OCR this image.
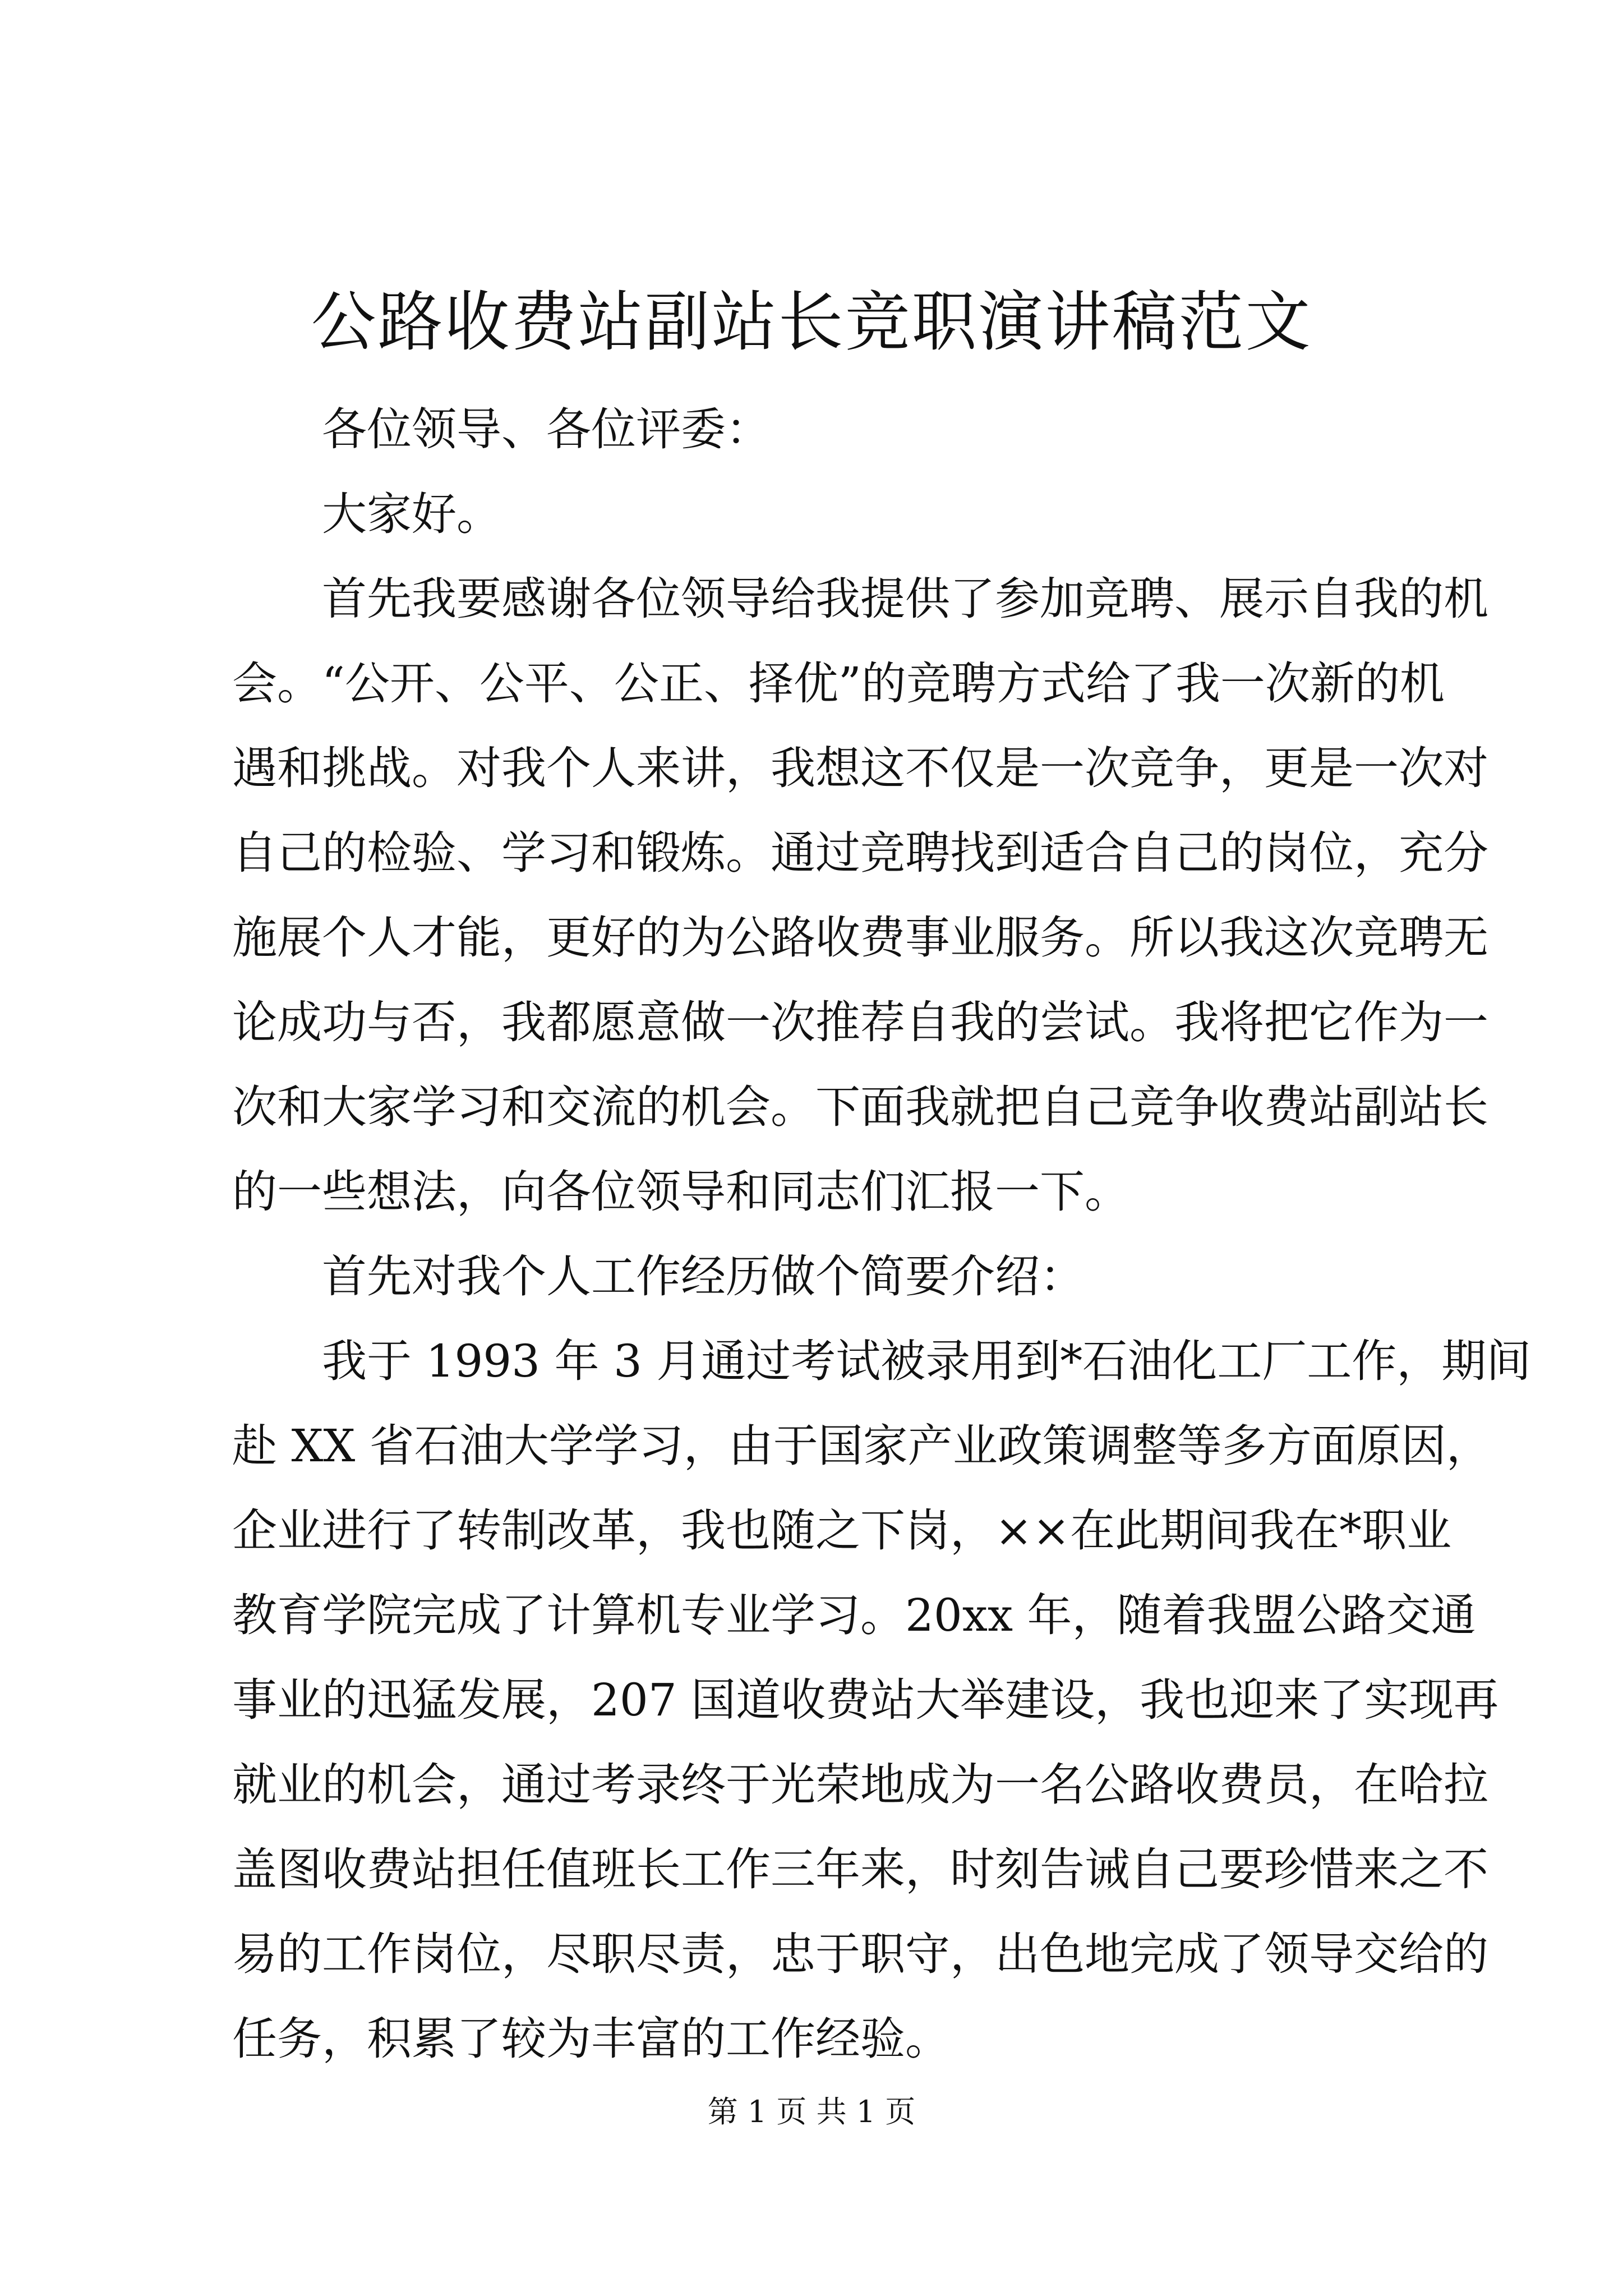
公路收费站副站长竞职演讲稿范文
各位领导、各位评委：
大家好。
首 先 我 要 感 谢 各 位 领 导 给 我 提 供 了 参 加 竞 聘 、 展 示 自 我 的 机
会 。 “ 公 开 、 公 平 、 公 正 、 择 优 ” 的 竞 聘 方 式 给 了 我 一 次 新 的 机
遇 和 挑 战 。 对 我 个 人 来 讲 ， 我 想 这 不 仅 是 一 次 竞 争 ， 更 是 一 次 对
自 己 的 检 验 、 学 习 和 锻 炼 。 通 过 竞 聘 找 到 适 合 自 己 的 岗 位 ， 充 分
施 展 个 人 才 能 ， 更 好 的 为 公 路 收 费 事 业 服 务 。 所 以 我 这 次 竞 聘 无
论 成 功 与 否 ， 我 都 愿 意 做 一 次 推 荐 自 我 的 尝 试 。 我 将 把 它 作 为 一
次 和 大 家 学 习 和 交 流 的 机 会 。 下 面 我 就 把 自 己 竞 争 收 费 站 副 站 长
的一些想法，向各位领导和同志们汇报一下。
首先对我个人工作经历做个简要介绍：
我 于
1 9 9 3
年
3
月 通 过 考 试 被 录 用 到 * 石 油 化 工 厂 工 作 ， 期 间
赴
X X
省 石 油 大 学 学 习 ， 由 于 国 家 产 业 政 策 调 整 等 多 方 面 原 因 ，
企 业 进 行 了 转 制 改 革 ， 我 也 随 之 下 岗 ， × × 在 此 期 间 我 在 * 职 业
教 育 学 院 完 成 了 计 算 机 专 业 学 习 。 2 0 x x
年 ， 随 着 我 盟 公 路 交 通
事 业 的 迅 猛 发 展 ， 2 0 7
国 道 收 费 站 大 举 建 设 ， 我 也 迎 来 了 实 现 再
就 业 的 机 会 ， 通 过 考 录 终 于 光 荣 地 成 为 一 名 公 路 收 费 员 ， 在 哈 拉
盖 图 收 费 站 担 任 值 班 长 工 作 三 年 来 ， 时 刻 告 诫 自 己 要 珍 惜 来 之 不
易 的 工 作 岗 位 ， 尽 职 尽 责 ， 忠 于 职 守 ， 出 色 地 完 成 了 领 导 交 给 的
任务，积累了较为丰富的工作经验。
第 1 页 共 1 页
